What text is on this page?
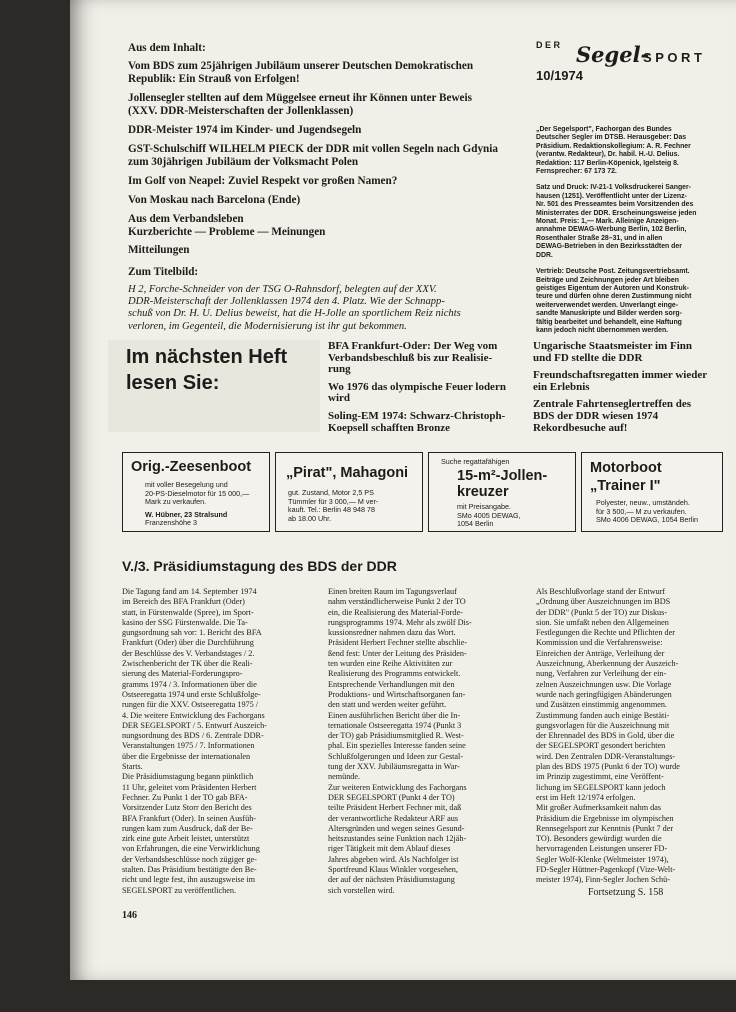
Aus dem Inhalt:
Vom BDS zum 25jährigen Jubiläum unserer Deutschen Demokratischen
Republik: Ein Strauß von Erfolgen!
Jollensegler stellten auf dem Müggelsee erneut ihr Können unter Beweis
(XXV. DDR-Meisterschaften der Jollenklassen)
DDR-Meister 1974 im Kinder- und Jugendsegeln
GST-Schulschiff WILHELM PIECK der DDR mit vollen Segeln nach Gdynia
zum 30jährigen Jubiläum der Volksmacht Polen
Im Golf von Neapel: Zuviel Respekt vor großen Namen?
Von Moskau nach Barcelona (Ende)
Aus dem Verbandsleben
Kurzberichte — Probleme — Meinungen
Mitteilungen
Zum Titelbild:
H 2, Forche-Schneider von der TSG O-Rahnsdorf, belegten auf der XXV.
DDR-Meisterschaft der Jollenklassen 1974 den 4. Platz. Wie der Schnapp-
schuß von Dr. H. U. Delius beweist, hat die H-Jolle an sportlichem Reiz nichts
verloren, im Gegenteil, die Modernisierung ist ihr gut bekommen.
D E R Segel-
S P O R T
10/1974
„Der Segelsport", Fachorgan des Bundes
Deutscher Segler im DTSB. Herausgeber: Das
Präsidium. Redaktionskollegium: A. R. Fechner
(verantw. Redakteur), Dr. habil. H.-U. Delius.
Redaktion: 117 Berlin-Köpenick, Igelsteig 8.
Fernsprecher: 67 173 72.
Satz und Druck: IV-21-1 Volksdruckerei Sanger-
hausen (1251). Veröffentlicht unter der Lizenz-
Nr. 501 des Presseamtes beim Vorsitzenden des
Ministerrates der DDR. Erscheinungsweise jeden
Monat. Preis: 1,— Mark. Alleinige Anzeigen-
annahme DEWAG-Werbung Berlin, 102 Berlin,
Rosenthaler Straße 28–31, und in allen
DEWAG-Betrieben in den Bezirksstädten der
DDR.
Vertrieb: Deutsche Post. Zeitungsvertriebsamt.
Beiträge und Zeichnungen jeder Art bleiben
geistiges Eigentum der Autoren und Konstruk-
teure und dürfen ohne deren Zustimmung nicht
weiterverwendet werden. Unverlangt einge-
sandte Manuskripte und Bilder werden sorg-
fältig bearbeitet und behandelt, eine Haftung
kann jedoch nicht übernommen werden.
Im nächsten Heft
lesen Sie:
BFA Frankfurt-Oder: Der Weg vom
Verbandsbeschluß bis zur Realisie-
rung
Wo 1976 das olympische Feuer lodern
wird
Soling-EM 1974: Schwarz-Christoph-
Koepsell schafften Bronze
Ungarische Staatsmeister im Finn
und FD stellte die DDR
Freundschaftsregatten immer wieder
ein Erlebnis
Zentrale Fahrtenseglertreffen des
BDS der DDR wiesen 1974
Rekordbesuche auf!
Orig.-Zeesenboot
mit voller Besegelung und
20-PS-Dieselmotor für 15 000,—
Mark zu verkaufen.
W. Hübner, 23 Stralsund
Franzenshöhe 3
„Pirat", Mahagoni
gut. Zustand, Motor 2,5 PS
Tümmler für 3 000,— M ver-
kauft. Tel.: Berlin 48 948 78
ab 18.00 Uhr.
Suche regattafähigen
15-m²-Jollen-
kreuzer
mit Preisangabe.
SMo 4005 DEWAG,
1054 Berlin
Motorboot
„Trainer I"
Polyester, neuw., umständeh.
für 3 500,— M zu verkaufen.
SMo 4006 DEWAG, 1054 Berlin
V./3. Präsidiumstagung des BDS der DDR
Die Tagung fand am 14. September 1974
im Bereich des BFA Frankfurt (Oder)
statt, in Fürstenwalde (Spree), im Sport-
kasino der SSG Fürstenwalde. Die Ta-
gungsordnung sah vor: 1. Bericht des BFA
Frankfurt (Oder) über die Durchführung
der Beschlüsse des V. Verbandstages / 2.
Zwischenbericht der TK über die Reali-
sierung des Material-Forderungspro-
gramms 1974 / 3. Informationen über die
Ostseeregatta 1974 und erste Schlußfolge-
rungen für die XXV. Ostseeregatta 1975 /
4. Die weitere Entwicklung des Fachorgans
DER SEGELSPORT / 5. Entwurf Auszeich-
nungsordnung des BDS / 6. Zentrale DDR-
Veranstaltungen 1975 / 7. Informationen
über die Ergebnisse der internationalen
Starts.
Die Präsidiumstagung begann pünktlich
11 Uhr, geleitet vom Präsidenten Herbert
Fechner. Zu Punkt 1 der TO gab BFA-
Vorsitzender Lutz Storr den Bericht des
BFA Frankfurt (Oder). In seinen Ausfüh-
rungen kam zum Ausdruck, daß der Be-
zirk eine gute Arbeit leistet, unterstützt
von Erfahrungen, die eine Verwirklichung
der Verbandsbeschlüsse noch zügiger ge-
stalten. Das Präsidium bestätigte den Be-
richt und legte fest, ihn auszugsweise im
SEGELSPORT zu veröffentlichen.
Einen breiten Raum im Tagungsverlauf
nahm verständlicherweise Punkt 2 der TO
ein, die Realisierung des Material-Forde-
rungsprogramms 1974. Mehr als zwölf Dis-
kussionsredner nahmen dazu das Wort.
Präsident Herbert Fechner stellte abschlie-
ßend fest: Unter der Leitung des Präsiden-
ten wurden eine Reihe Aktivitäten zur
Realisierung des Programms entwickelt.
Entsprechende Verhandlungen mit den
Produktions- und Wirtschaftsorganen fan-
den statt und werden weiter geführt.
Einen ausführlichen Bericht über die In-
ternationale Ostseeregatta 1974 (Punkt 3
der TO) gab Präsidiumsmitglied R. West-
phal. Ein spezielles Interesse fanden seine
Schlußfolgerungen und Ideen zur Gestal-
tung der XXV. Jubiläumsregatta in War-
nemünde.
Zur weiteren Entwicklung des Fachorgans
DER SEGELSPORT (Punkt 4 der TO)
teilte Präsident Herbert Fechner mit, daß
der verantwortliche Redakteur ARF aus
Altersgründen und wegen seines Gesund-
heitszustandes seine Funktion nach 12jäh-
riger Tätigkeit mit dem Ablauf dieses
Jahres abgeben wird. Als Nachfolger ist
Sportfreund Klaus Winkler vorgesehen,
der auf der nächsten Präsidiumstagung
sich vorstellen wird.
Als Beschlußvorlage stand der Entwurf
„Ordnung über Auszeichnungen im BDS
der DDR" (Punkt 5 der TO) zur Diskus-
sion. Sie umfaßt neben den Allgemeinen
Festlegungen die Rechte und Pflichten der
Kommission und die Verfahrensweise:
Einreichen der Anträge, Verleihung der
Auszeichnung, Aberkennung der Auszeich-
nung, Verfahren zur Verleihung der ein-
zelnen Auszeichnungen usw. Die Vorlage
wurde nach geringfügigen Abänderungen
und Zusätzen einstimmig angenommen.
Zustimmung fanden auch einige Bestäti-
gungsvorlagen für die Auszeichnung mit
der Ehrennadel des BDS in Gold, über die
der SEGELSPORT gesondert berichten
wird. Den Zentralen DDR-Veranstaltungs-
plan des BDS 1975 (Punkt 6 der TO) wurde
im Prinzip zugestimmt, eine Veröffent-
lichung im SEGELSPORT kann jedoch
erst im Heft 12/1974 erfolgen.
Mit großer Aufmerksamkeit nahm das
Präsidium die Ergebnisse im olympischen
Rennsegelsport zur Kenntnis (Punkt 7 der
TO). Besonders gewürdigt wurden die
hervorragenden Leistungen unserer FD-
Segler Wolf-Klenke (Weltmeister 1974),
FD-Segler Hüttner-Pagenkopf (Vize-Welt-
meister 1974), Finn-Segler Jochen Schü-
Fortsetzung S. 158
146
